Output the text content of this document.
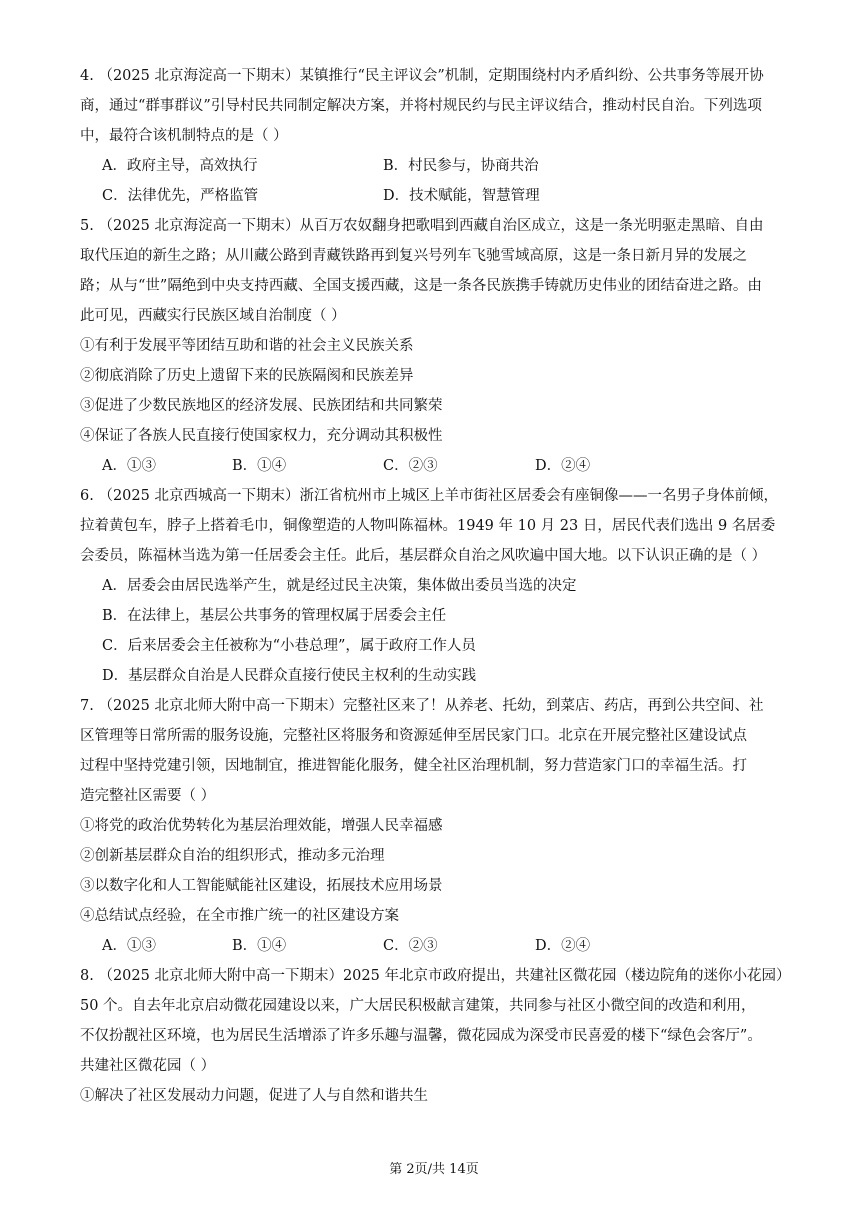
4. （2025 北京海淀高一下期末）某镇推行“民主评议会”机制，定期围绕村内矛盾纠纷、公共事务等展开协
商，通过“群事群议”引导村民共同制定解决方案，并将村规民约与民主评议结合，推动村民自治。下列选项
中，最符合该机制特点的是（ ）
A．政府主导，高效执行	B．村民参与，协商共治
C．法律优先，严格监管	D．技术赋能，智慧管理
5. （2025 北京海淀高一下期末）从百万农奴翻身把歌唱到西藏自治区成立，这是一条光明驱走黑暗、自由
取代压迫的新生之路；从川藏公路到青藏铁路再到复兴号列车飞驰雪域高原，这是一条日新月异的发展之
路；从与“世”隔绝到中央支持西藏、全国支援西藏，这是一条各民族携手铸就历史伟业的团结奋进之路。由
此可见，西藏实行民族区域自治制度（ ）
①有利于发展平等团结互助和谐的社会主义民族关系
②彻底消除了历史上遗留下来的民族隔阂和民族差异
③促进了少数民族地区的经济发展、民族团结和共同繁荣
④保证了各族人民直接行使国家权力，充分调动其积极性
A．①③	B．①④	C．②③	D．②④
6. （2025 北京西城高一下期末）浙江省杭州市上城区上羊市街社区居委会有座铜像——一名男子身体前倾，
拉着黄包车，脖子上搭着毛巾，铜像塑造的人物叫陈福林。1949 年 10 月 23 日，居民代表们选出 9 名居委
会委员，陈福林当选为第一任居委会主任。此后，基层群众自治之风吹遍中国大地。以下认识正确的是（ ）
A．居委会由居民选举产生，就是经过民主决策，集体做出委员当选的决定
B．在法律上，基层公共事务的管理权属于居委会主任
C．后来居委会主任被称为“小巷总理”，属于政府工作人员
D．基层群众自治是人民群众直接行使民主权利的生动实践
7. （2025 北京北师大附中高一下期末）完整社区来了！从养老、托幼，到菜店、药店，再到公共空间、社
区管理等日常所需的服务设施，完整社区将服务和资源延伸至居民家门口。北京在开展完整社区建设试点
过程中坚持党建引领，因地制宜，推进智能化服务，健全社区治理机制，努力营造家门口的幸福生活。打
造完整社区需要（ ）
①将党的政治优势转化为基层治理效能，增强人民幸福感
②创新基层群众自治的组织形式，推动多元治理
③以数字化和人工智能赋能社区建设，拓展技术应用场景
④总结试点经验，在全市推广统一的社区建设方案
A．①③	B．①④	C．②③	D．②④
8. （2025 北京北师大附中高一下期末）2025 年北京市政府提出，共建社区微花园（楼边院角的迷你小花园）
50 个。自去年北京启动微花园建设以来，广大居民积极献言建策，共同参与社区小微空间的改造和利用，
不仅扮靓社区环境，也为居民生活增添了许多乐趣与温馨，微花园成为深受市民喜爱的楼下“绿色会客厅”。
共建社区微花园（ ）
①解决了社区发展动力问题，促进了人与自然和谐共生
第 2页/共 14页
